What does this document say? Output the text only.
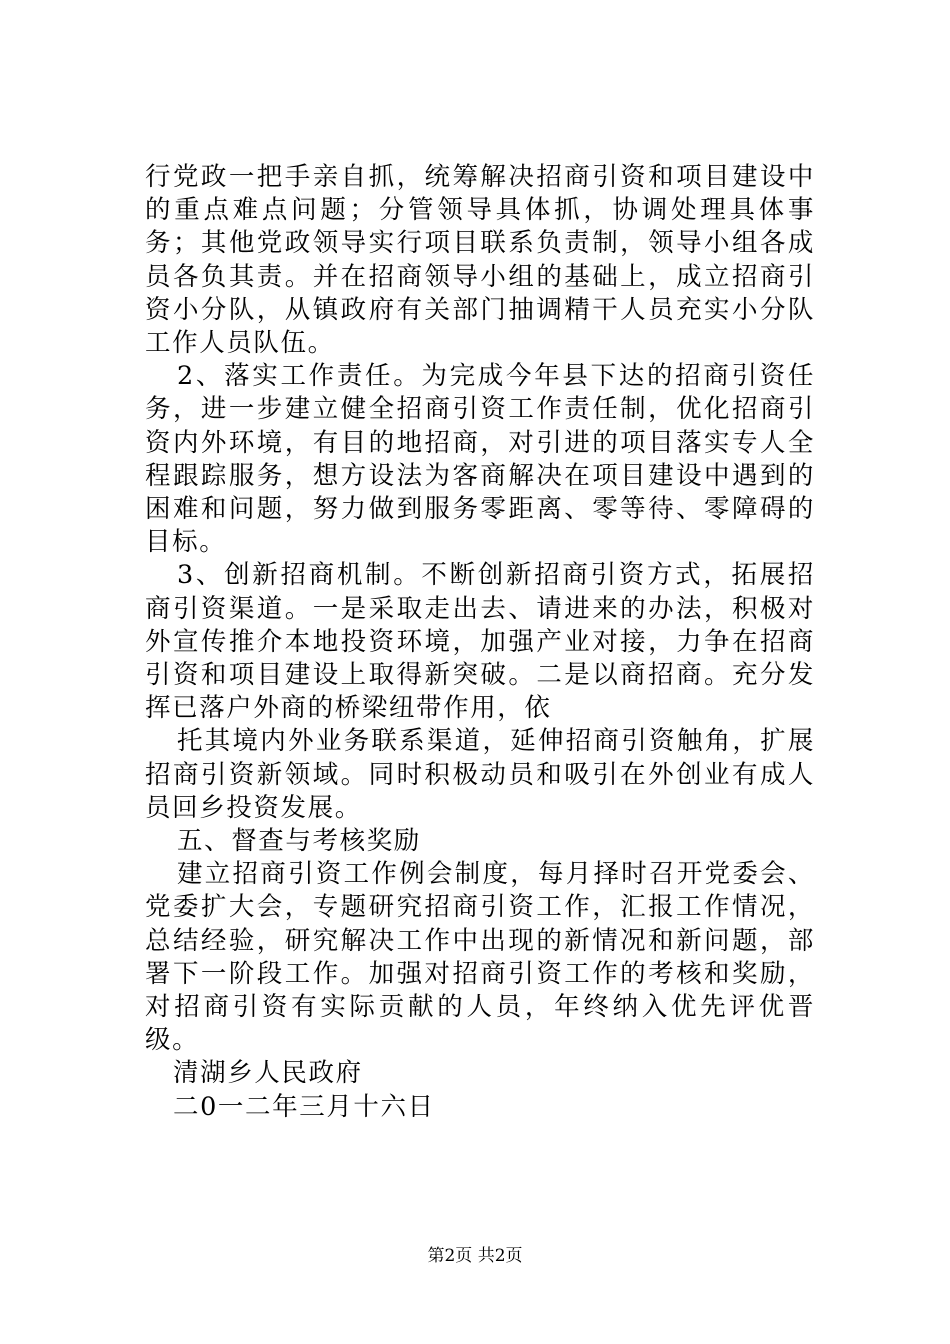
行党政一把手亲自抓，统筹解决招商引资和项目建设中的重点难点问题；分管领导具体抓，协调处理具体事务；其他党政领导实行项目联系负责制，领导小组各成员各负其责。并在招商领导小组的基础上，成立招商引资小分队，从镇政府有关部门抽调精干人员充实小分队工作人员队伍。

2、落实工作责任。为完成今年县下达的招商引资任务，进一步建立健全招商引资工作责任制，优化招商引资内外环境，有目的地招商，对引进的项目落实专人全程跟踪服务，想方设法为客商解决在项目建设中遇到的困难和问题，努力做到服务零距离、零等待、零障碍的目标。

3、创新招商机制。不断创新招商引资方式，拓展招商引资渠道。一是采取走出去、请进来的办法，积极对外宣传推介本地投资环境，加强产业对接，力争在招商引资和项目建设上取得新突破。二是以商招商。充分发挥已落户外商的桥梁纽带作用，依

托其境内外业务联系渠道，延伸招商引资触角，扩展招商引资新领域。同时积极动员和吸引在外创业有成人员回乡投资发展。

五、督查与考核奖励

建立招商引资工作例会制度，每月择时召开党委会、党委扩大会，专题研究招商引资工作，汇报工作情况，总结经验，研究解决工作中出现的新情况和新问题，部署下一阶段工作。加强对招商引资工作的考核和奖励，对招商引资有实际贡献的人员，年终纳入优先评优晋级。

清湖乡人民政府

二0一二年三月十六日

第2页 共2页
